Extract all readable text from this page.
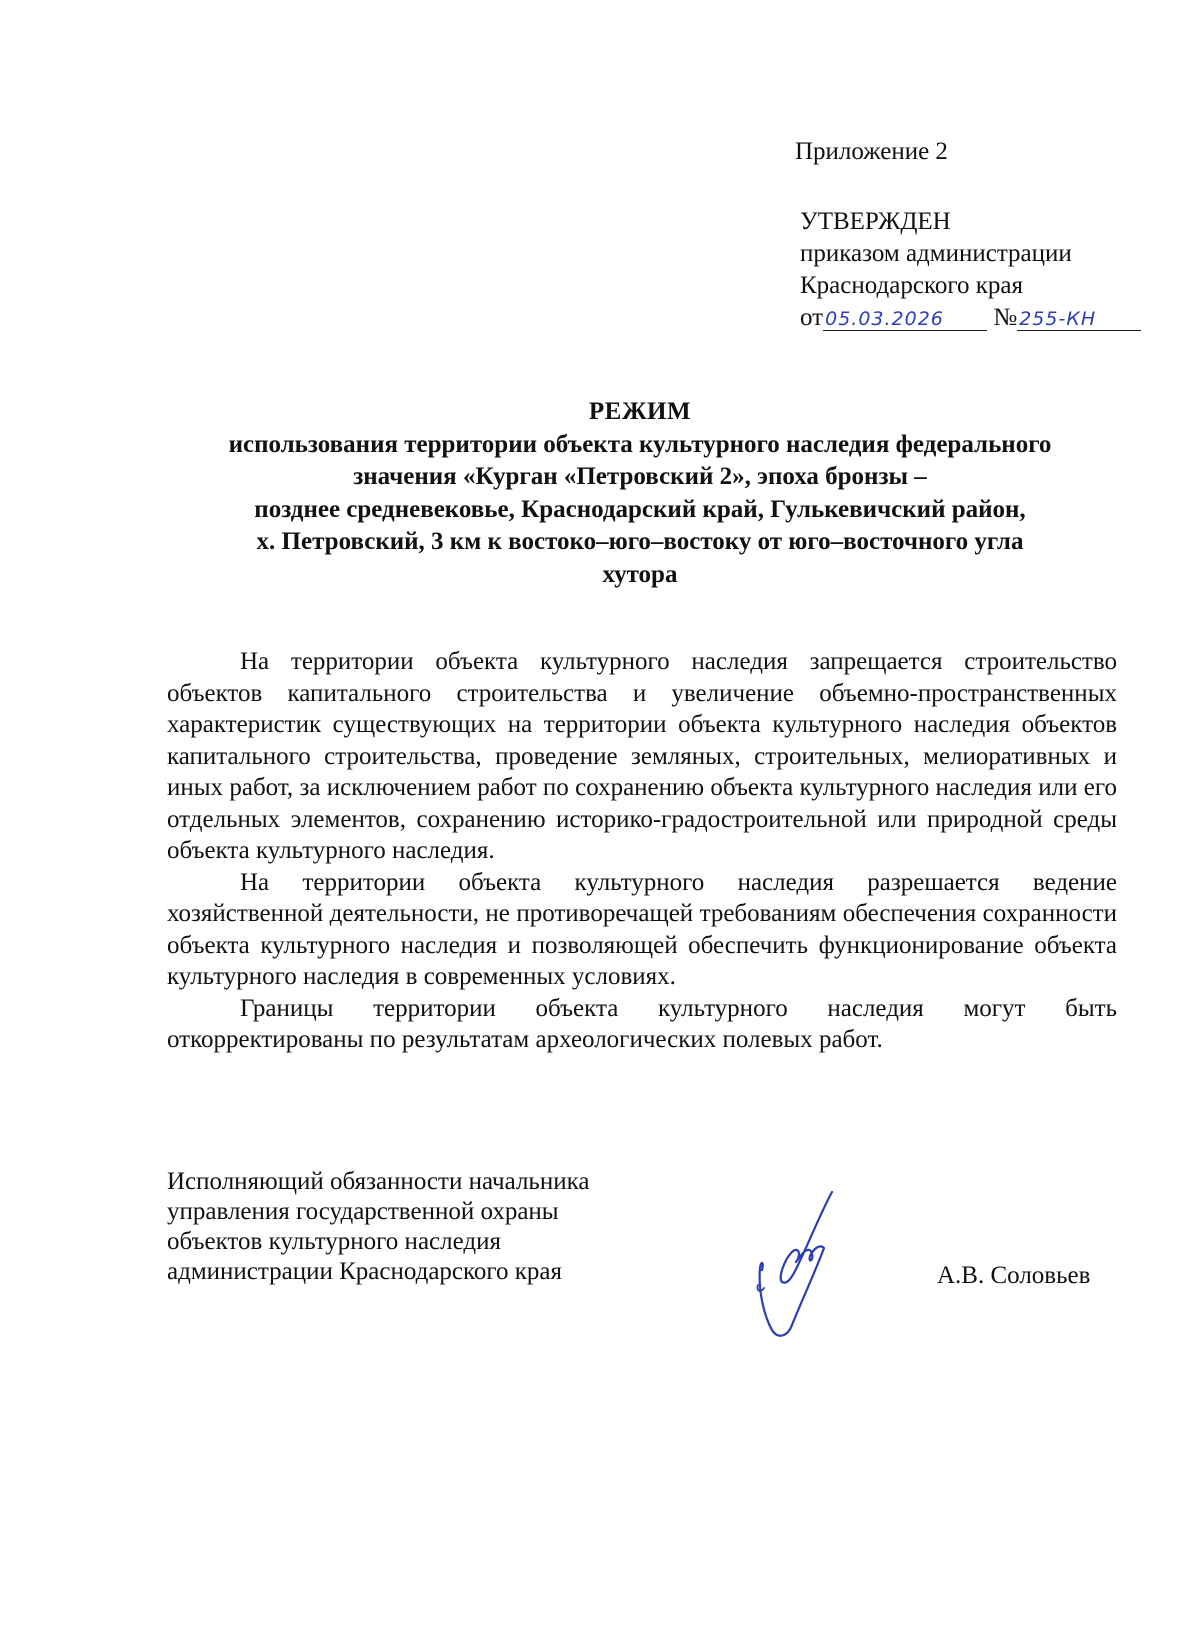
Приложение 2
УТВЕРЖДЕН
приказом администрации
Краснодарского края
от 05.03.2026 № 255-КН
РЕЖИМ
использования территории объекта культурного наследия федерального
значения «Курган «Петровский 2», эпоха бронзы –
позднее средневековье, Краснодарский край, Гулькевичский район,
х. Петровский, 3 км к востоко–юго–востоку от юго–восточного угла
хутора

На территории объекта культурного наследия запрещается строительство объектов капитального строительства и увеличение объемно-пространственных характеристик существующих на территории объекта культурного наследия объектов капитального строительства, проведение земляных, строительных, мелиоративных и иных работ, за исключением работ по сохранению объекта культурного наследия или его отдельных элементов, сохранению историко-градостроительной или природной среды объекта культурного наследия.

На территории объекта культурного наследия разрешается ведение хозяйственной деятельности, не противоречащей требованиям обеспечения сохранности объекта культурного наследия и позволяющей обеспечить функционирование объекта культурного наследия в современных условиях.

Границы территории объекта культурного наследия могут быть откорректированы по результатам археологических полевых работ.

Исполняющий обязанности начальника
управления государственной охраны
объектов культурного наследия
администрации Краснодарского края	А.В. Соловьев
